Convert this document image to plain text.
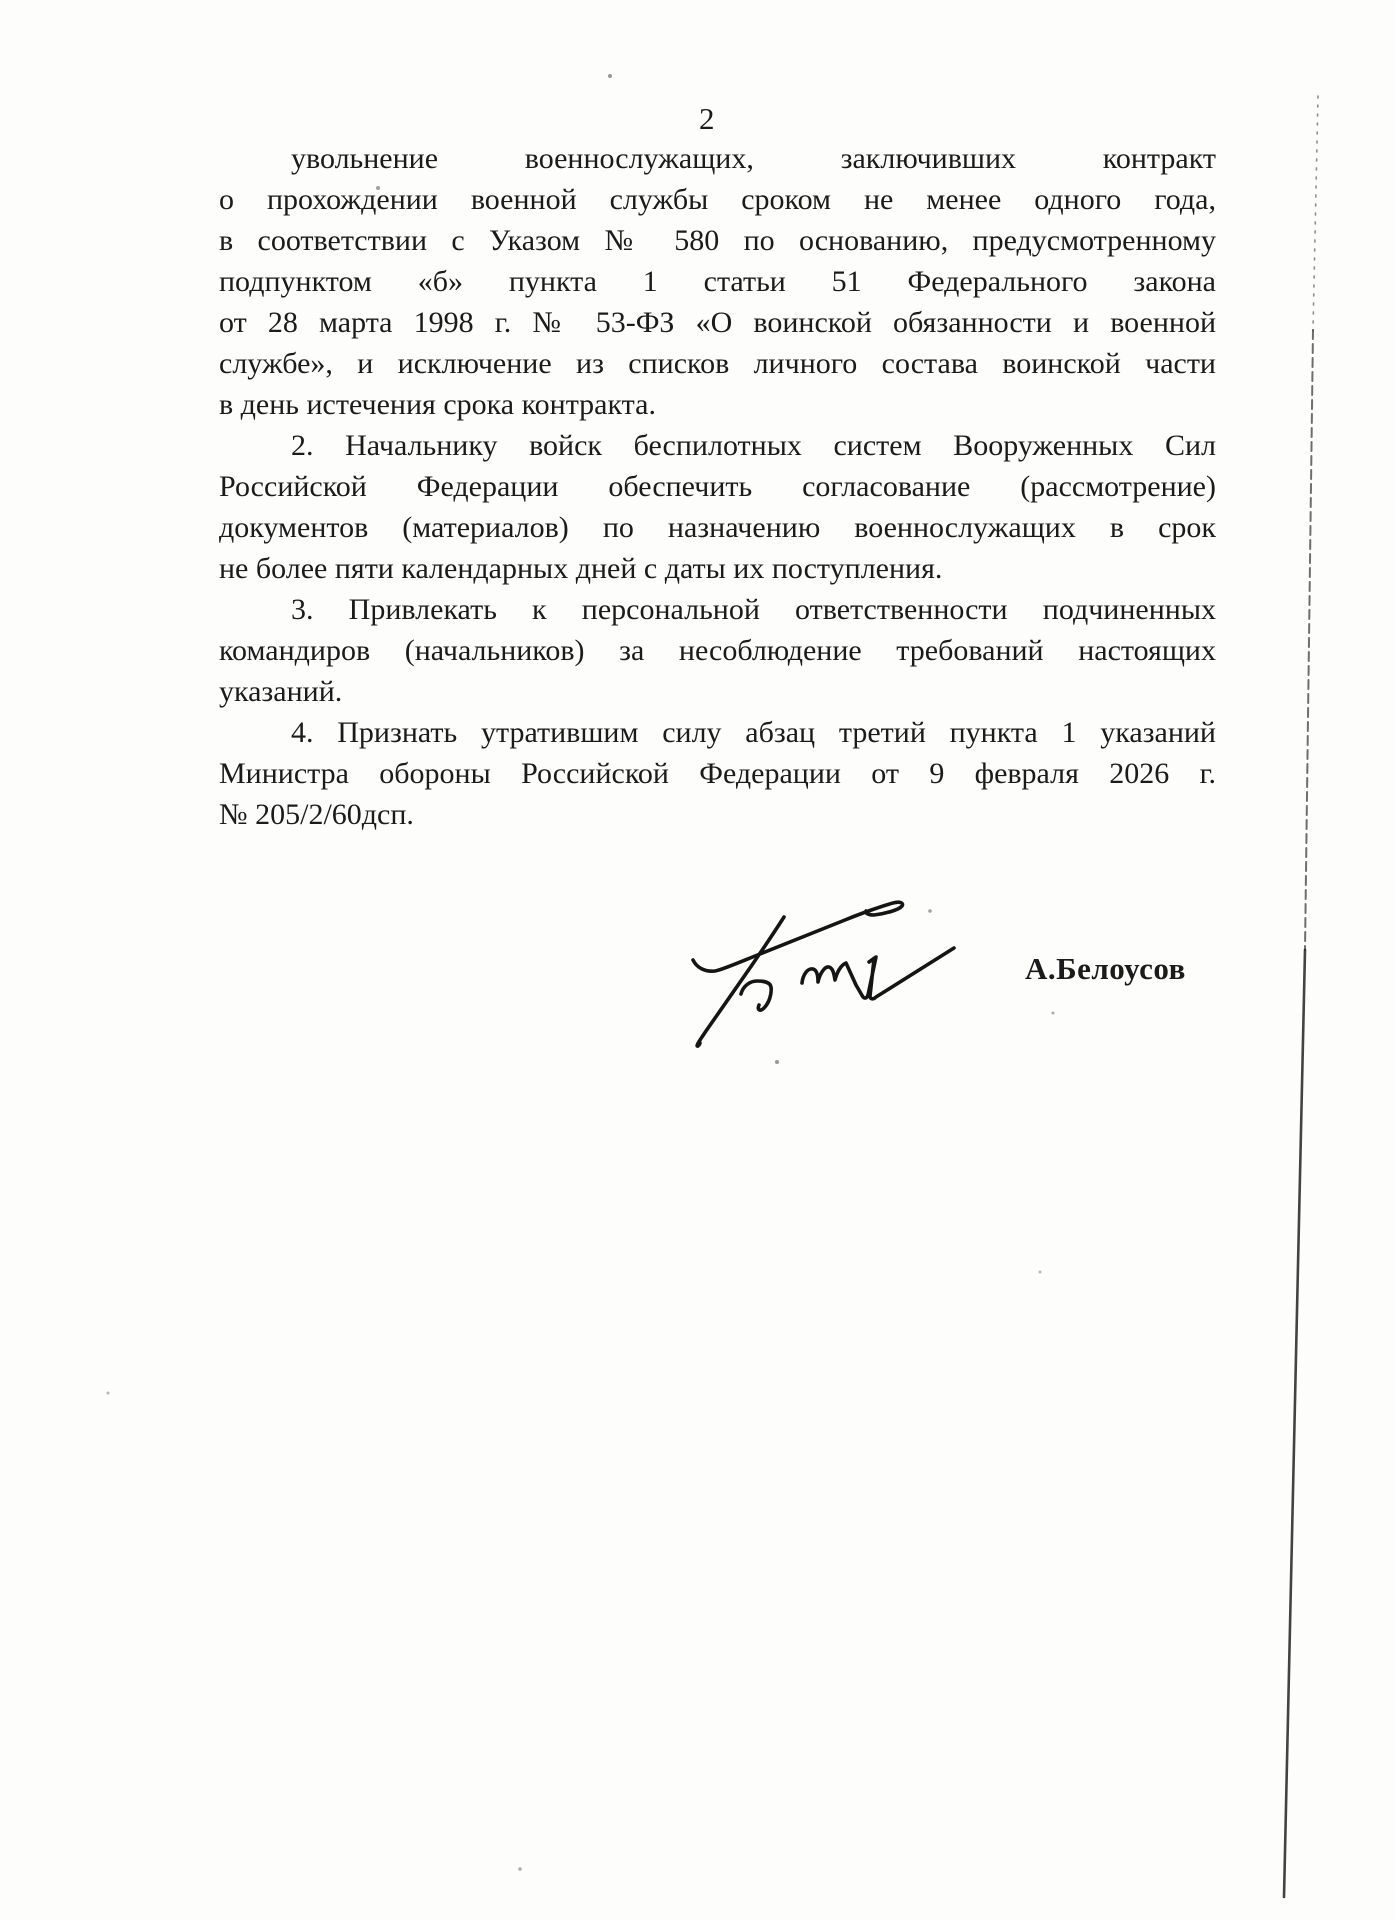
2
увольнение военнослужащих, заключивших контракт
о прохождении военной службы сроком не менее одного года,
в соответствии с Указом № 580 по основанию, предусмотренному
подпунктом «б» пункта 1 статьи 51 Федерального закона
от 28 марта 1998 г. № 53-ФЗ «О воинской обязанности и военной
службе», и исключение из списков личного состава воинской части
в день истечения срока контракта.
2. Начальнику войск беспилотных систем Вооруженных Сил
Российской Федерации обеспечить согласование (рассмотрение)
документов (материалов) по назначению военнослужащих в срок
не более пяти календарных дней с даты их поступления.
3. Привлекать к персональной ответственности подчиненных
командиров (начальников) за несоблюдение требований настоящих
указаний.
4. Признать утратившим силу абзац третий пункта 1 указаний
Министра обороны Российской Федерации от 9 февраля 2026 г.
№ 205/2/60дсп.
А.Белоусов
